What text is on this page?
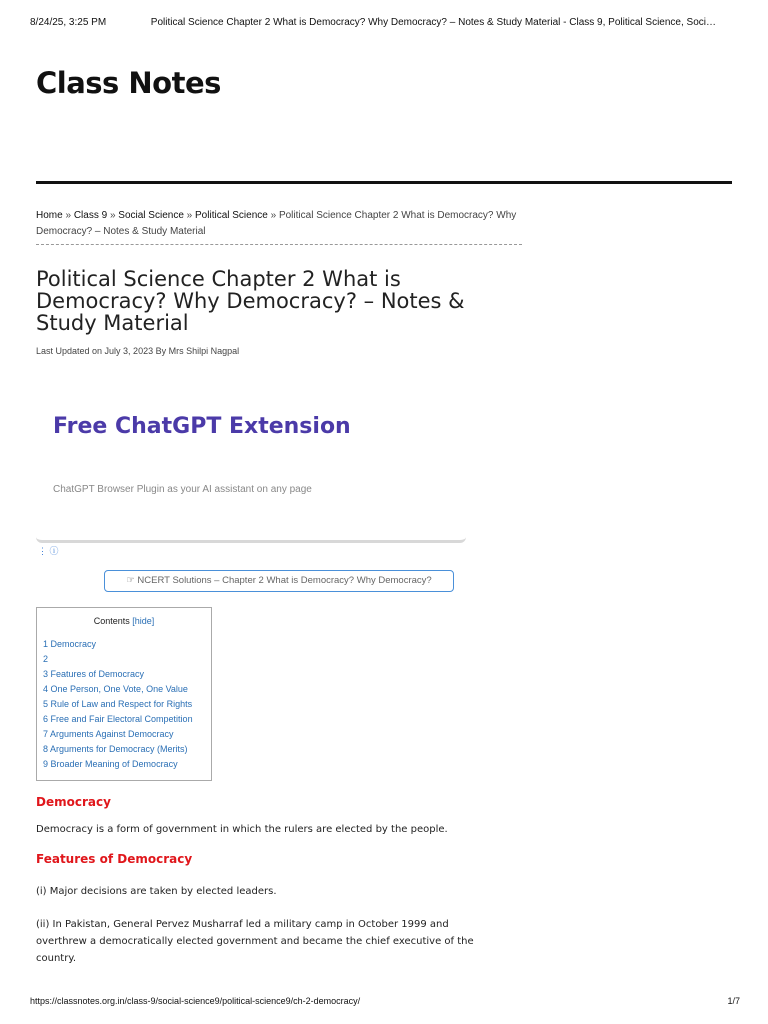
8/24/25, 3:25 PM	Political Science Chapter 2 What is Democracy? Why Democracy? – Notes & Study Material - Class 9, Political Science, Soci…
Class Notes
Home » Class 9 » Social Science » Political Science » Political Science Chapter 2 What is Democracy? Why Democracy? – Notes & Study Material
Political Science Chapter 2 What is Democracy? Why Democracy? – Notes & Study Material
Last Updated on July 3, 2023 By Mrs Shilpi Nagpal
Free ChatGPT Extension
ChatGPT Browser Plugin as your AI assistant on any page
⋮ ⓘ
☞ NCERT Solutions – Chapter 2 What is Democracy? Why Democracy?
Contents [hide]
1 Democracy
2
3 Features of Democracy
4 One Person, One Vote, One Value
5 Rule of Law and Respect for Rights
6 Free and Fair Electoral Competition
7 Arguments Against Democracy
8 Arguments for Democracy (Merits)
9 Broader Meaning of Democracy
Democracy

Democracy is a form of government in which the rulers are elected by the people.

Features of Democracy

(i) Major decisions are taken by elected leaders.

(ii) In Pakistan, General Pervez Musharraf led a military camp in October 1999 and overthrew a democratically elected government and became the chief executive of the country.

https://classnotes.org.in/class-9/social-science9/political-science9/ch-2-democracy/	1/7
